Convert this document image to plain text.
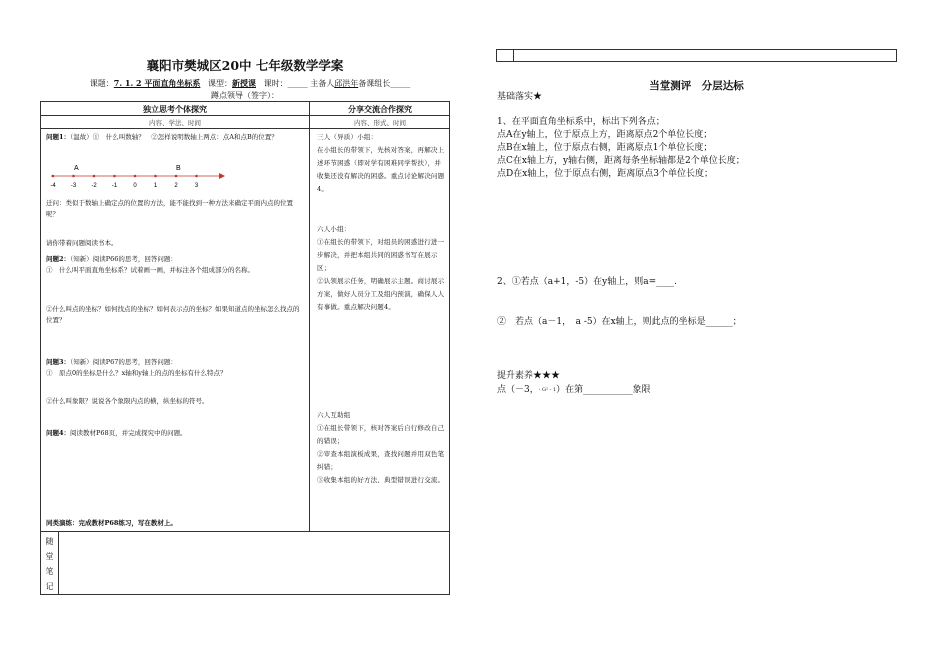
襄阳市樊城区20中 七年级数学学案
课题：7. 1. 2 平面直角坐标系 课型：新授课 课时：_____ 主备人邱洪年备课组长_____
蹲点领导（签字）：
独立思考个体探究	分享交流合作探究
内容、学法、时间	内容、形式、时间
问题1：（温故）①　什么叫数轴？　②怎样说明数轴上两点：点A和点B的位置？
-4	-3	-2	-1	0	1	2	3
A	B
迁问：类似于数轴上确定点的位置的方法，能不能找到一种方法来确定平面内点的位置呢？
请你带着问题阅读书本。
问题2：（知新）阅读P66的思考，回答问题：
①　什么叫平面直角坐标系？试着画一画，并标注各个组成部分的名称。
②什么叫点的坐标？如何找点的坐标？如何表示点的坐标？如果知道点的坐标怎么找点的位置？
问题3：（知新）阅读P67的思考，回答问题：
①　原点0的坐标是什么？x轴和y轴上的点的坐标有什么特点？
②什么叫象限？说说各个象限内点的横，纵坐标的符号。
问题4：阅读教材P68页，并完成探究中的问题。
同类演练：完成教材P68练习，写在教材上。
三人（异质）小组：
在小组长的带领下，先核对答案，再解决上述环节困惑（即对学有困难同学帮扶），并收集还没有解决的困惑。重点讨论解决问题4。
六人小组：
①在组长的带领下，对组员的困惑进行进一步解决，并把本组共同的困惑书写在展示区；
②认领展示任务，明确展示主题。商讨展示方案，做好人员分工及组内预演，确保人人有事做。重点解决问题4。
六人互助组
①在组长带领下，核对答案后自行修改自己的错误；
②审查本组演板成果，查找问题并用双色笔纠错；
③收集本组的好方法、典型错误进行交流。
随
堂
笔
记
当堂测评　分层达标
基础落实★
1、在平面直角坐标系中，标出下列各点；
点A在y轴上，位于原点上方，距离原点2个单位长度；
点B在x轴上，位于原点右侧，距离原点1个单位长度；
点C在x轴上方，y轴右侧，距离每条坐标轴都是2个单位长度；
点D在x轴上，位于原点右侧，距离原点3个单位长度；
2、①若点（a+1，-5）在y轴上，则a=____.
②　若点（a－1，　a -5）在x轴上，则此点的坐标是______；
提升素养★★★
点（－3，$^{- G^2 - 1}$）在第___________象限
